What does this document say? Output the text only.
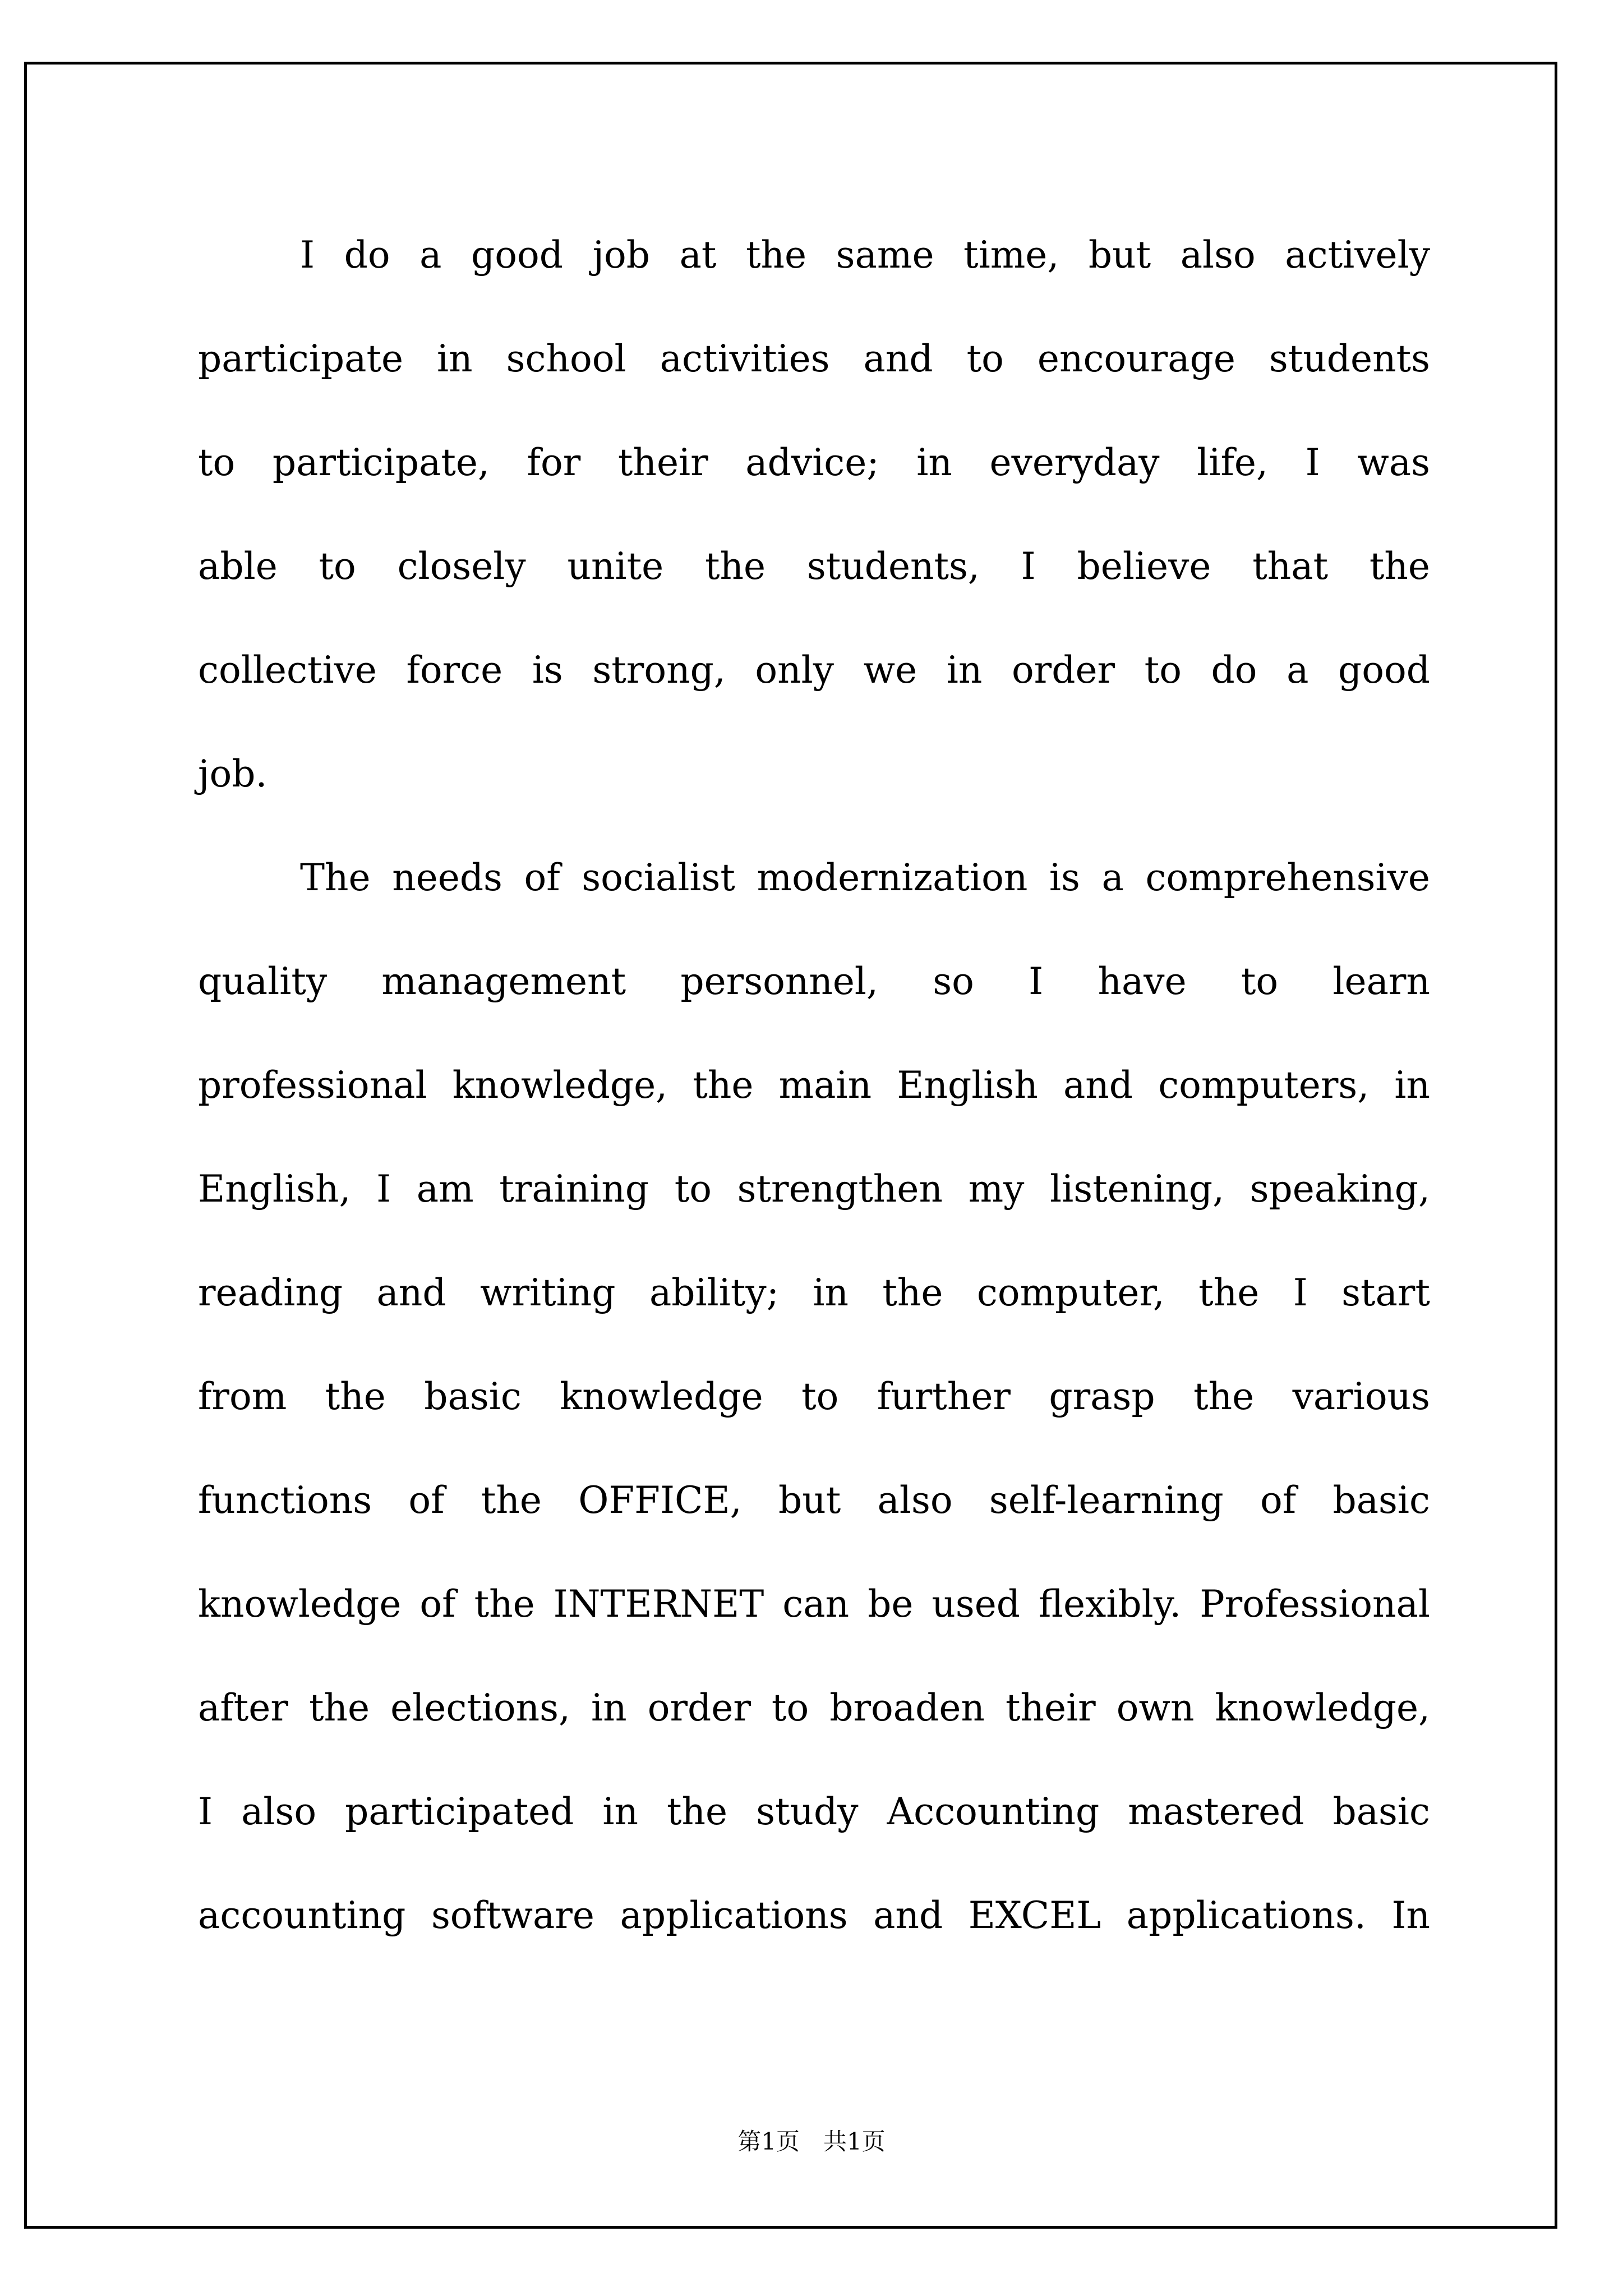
I do a good job at the same time, but also actively
participate in school activities and to encourage students
to participate, for their advice; in everyday life, I was
able to closely unite the students, I believe that the
collective force is strong, only we in order to do a good
job.
The needs of socialist modernization is a comprehensive
quality management personnel, so I have to learn
professional knowledge, the main English and computers, in
English, I am training to strengthen my listening, speaking,
reading and writing ability; in the computer, the I start
from the basic knowledge to further grasp the various
functions of the OFFICE, but also self-learning of basic
knowledge of the INTERNET can be used flexibly. Professional
after the elections, in order to broaden their own knowledge,
I also participated in the study Accounting mastered basic
accounting software applications and EXCEL applications. In
第1页　共1页
